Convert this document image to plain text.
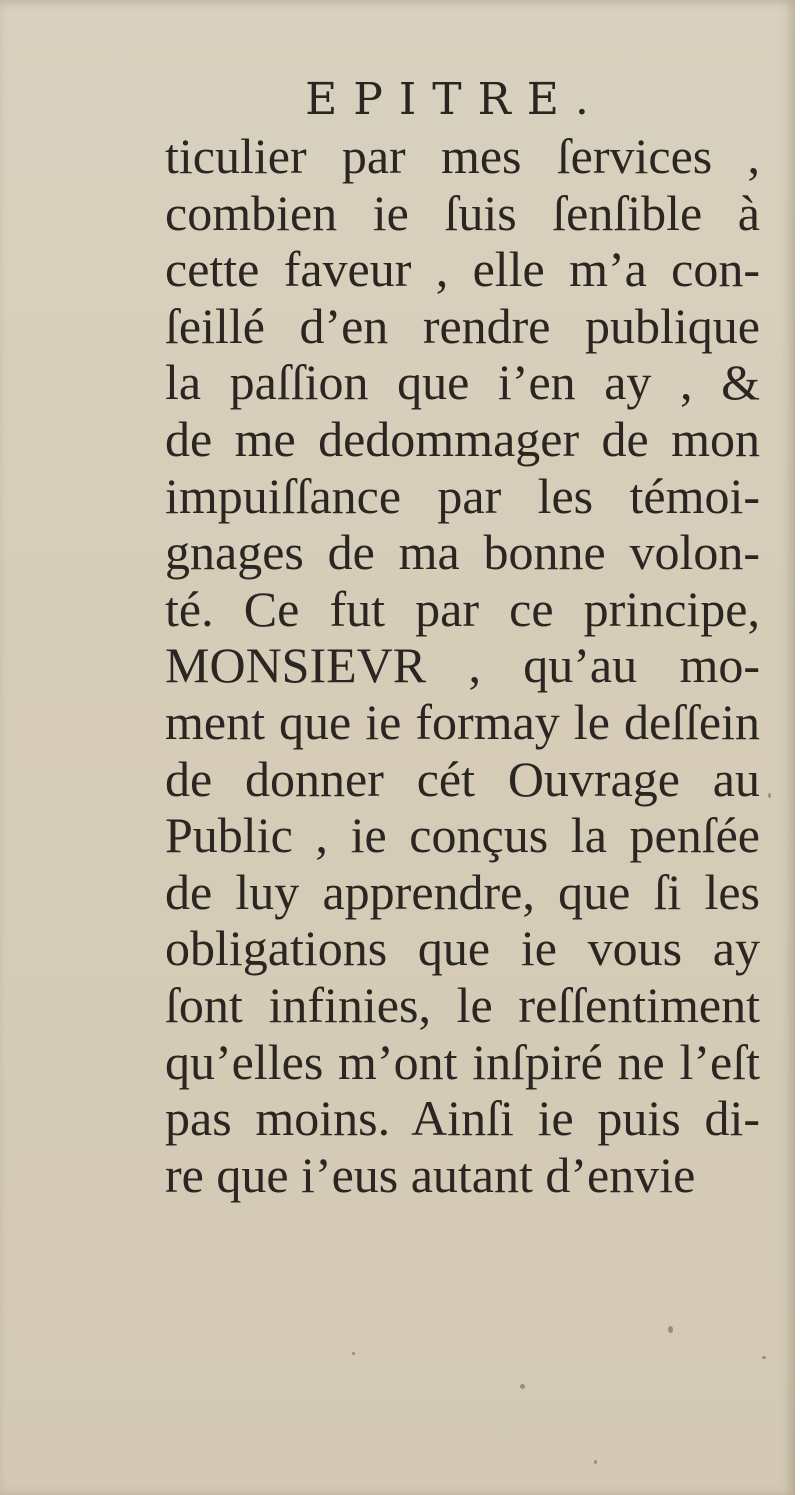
EPITRE.
ticulier par mes ſervices ,
combien ie ſuis ſenſible à
cette faveur , elle m’a con-
ſeillé d’en rendre publique
la paſſion que i’en ay , &
de me dedommager de mon
impuiſſance par les témoi-
gnages de ma bonne volon-
té. Ce fut par ce principe,
MONSIEVR , qu’au mo-
ment que ie formay le deſſein
de donner cét Ouvrage au
Public , ie conçus la penſée
de luy apprendre, que ſi les
obligations que ie vous ay
ſont infinies, le reſſentiment
qu’elles m’ont inſpiré ne l’eſt
pas moins. Ainſi ie puis di-
re que i’eus autant d’envie
